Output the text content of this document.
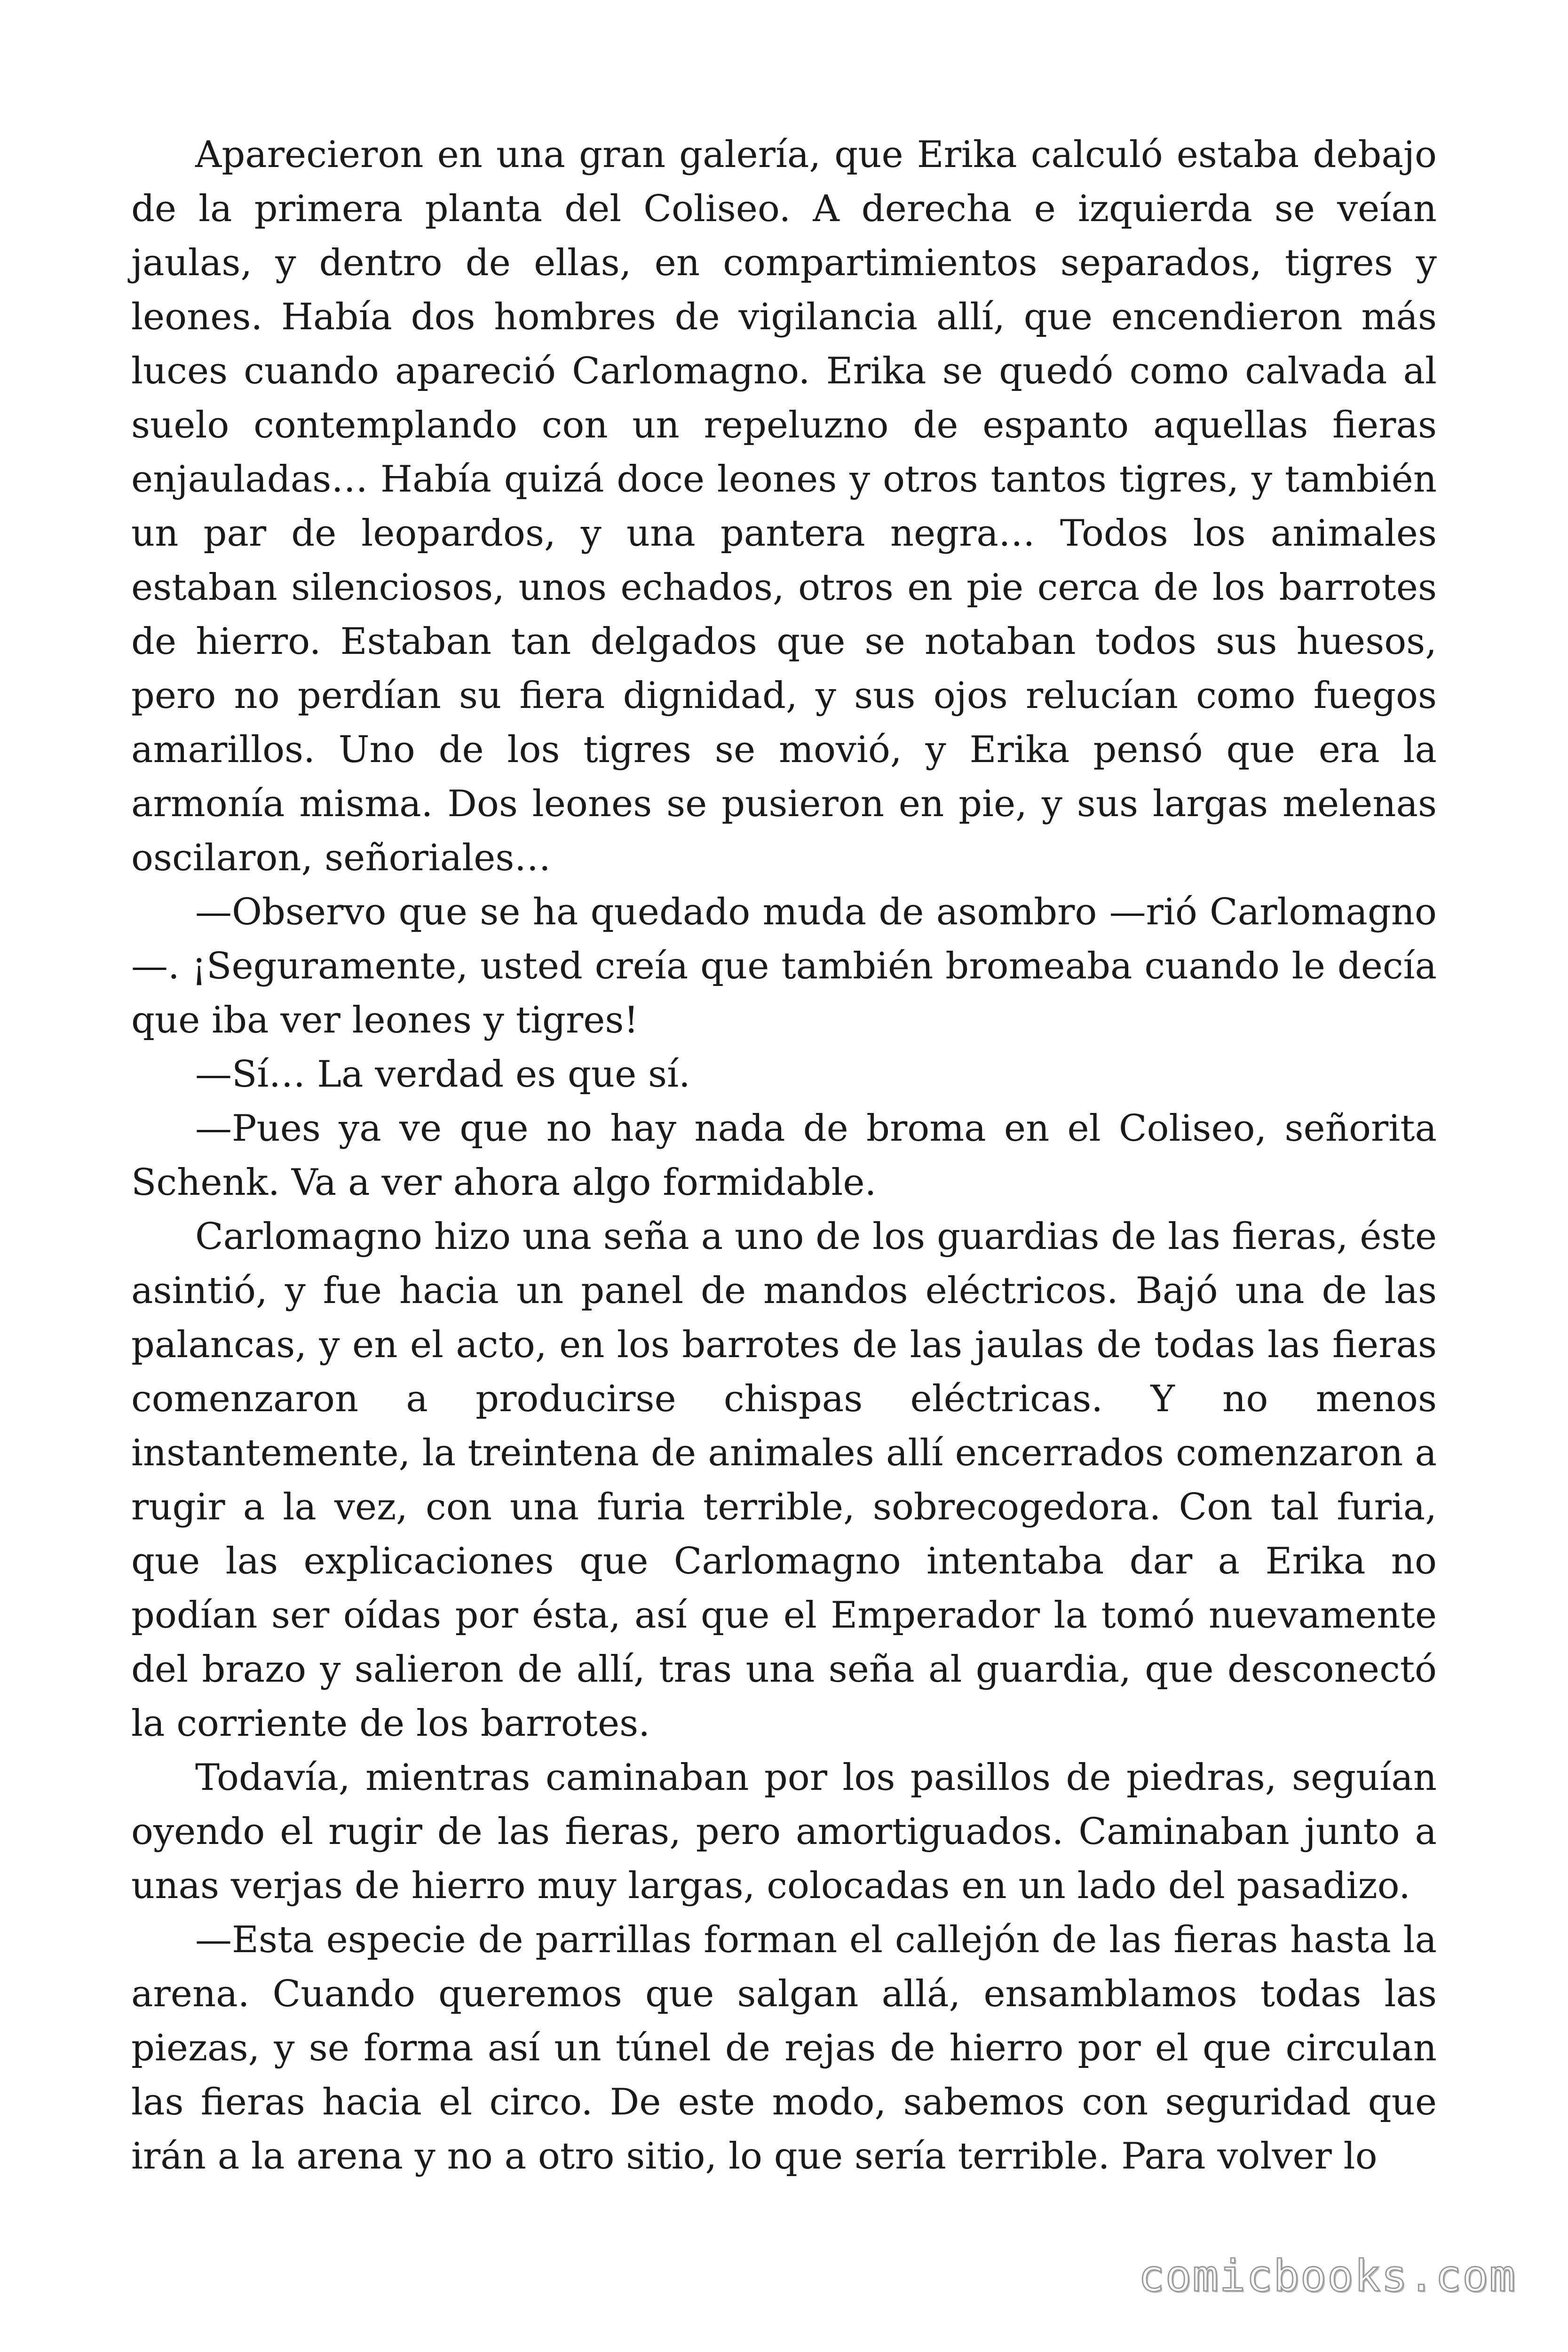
Aparecieron en una gran galería, que Erika calculó estaba debajo de la primera planta del Coliseo. A derecha e izquierda se veían jaulas, y dentro de ellas, en compartimientos separados, tigres y leones. Había dos hombres de vigilancia allí, que encendieron más luces cuando apareció Carlomagno. Erika se quedó como calvada al suelo contemplando con un repeluzno de espanto aquellas fieras enjauladas… Había quizá doce leones y otros tantos tigres, y también un par de leopardos, y una pantera negra… Todos los animales estaban silenciosos, unos echados, otros en pie cerca de los barrotes de hierro. Estaban tan delgados que se notaban todos sus huesos, pero no perdían su fiera dignidad, y sus ojos relucían como fuegos amarillos. Uno de los tigres se movió, y Erika pensó que era la armonía misma. Dos leones se pusieron en pie, y sus largas melenas oscilaron, señoriales…

—Observo que se ha quedado muda de asombro —rió Carlomagno—. ¡Seguramente, usted creía que también bromeaba cuando le decía que iba ver leones y tigres!

—Sí… La verdad es que sí.

—Pues ya ve que no hay nada de broma en el Coliseo, señorita Schenk. Va a ver ahora algo formidable.

Carlomagno hizo una seña a uno de los guardias de las fieras, éste asintió, y fue hacia un panel de mandos eléctricos. Bajó una de las palancas, y en el acto, en los barrotes de las jaulas de todas las fieras comenzaron a producirse chispas eléctricas. Y no menos instantemente, la treintena de animales allí encerrados comenzaron a rugir a la vez, con una furia terrible, sobrecogedora. Con tal furia, que las explicaciones que Carlomagno intentaba dar a Erika no podían ser oídas por ésta, así que el Emperador la tomó nuevamente del brazo y salieron de allí, tras una seña al guardia, que desconectó la corriente de los barrotes.

Todavía, mientras caminaban por los pasillos de piedras, seguían oyendo el rugir de las fieras, pero amortiguados. Caminaban junto a unas verjas de hierro muy largas, colocadas en un lado del pasadizo.

—Esta especie de parrillas forman el callejón de las fieras hasta la arena. Cuando queremos que salgan allá, ensamblamos todas las piezas, y se forma así un túnel de rejas de hierro por el que circulan las fieras hacia el circo. De este modo, sabemos con seguridad que irán a la arena y no a otro sitio, lo que sería terrible. Para volver lo

comicbooks.com
